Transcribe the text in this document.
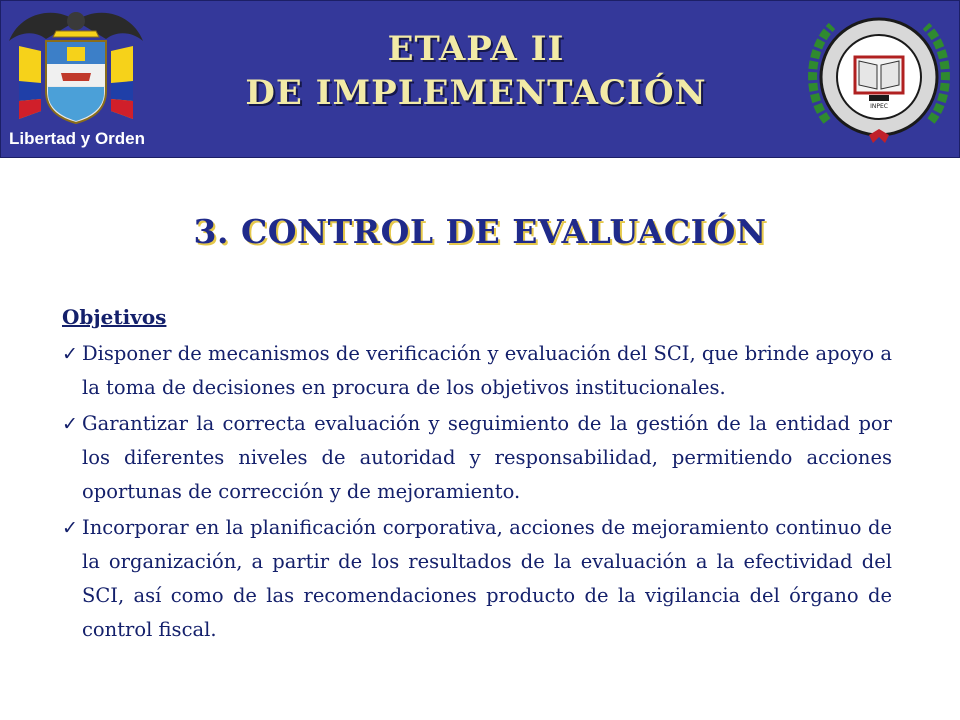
Libertad y Orden
ETAPA II
DE IMPLEMENTACIÓN	INPEC
3. CONTROL DE EVALUACIÓN
Objetivos
✓ Disponer de mecanismos de verificación y evaluación del SCI, que brinde apoyo a la toma de decisiones en procura de los objetivos institucionales.
✓ Garantizar la correcta evaluación y seguimiento de la gestión de la entidad por los diferentes niveles de autoridad y responsabilidad, permitiendo acciones oportunas de corrección y de mejoramiento.
✓ Incorporar en la planificación corporativa, acciones de mejoramiento continuo de la organización, a partir de los resultados de la evaluación a la efectividad del SCI, así como de las recomendaciones producto de la vigilancia del órgano de control fiscal.
